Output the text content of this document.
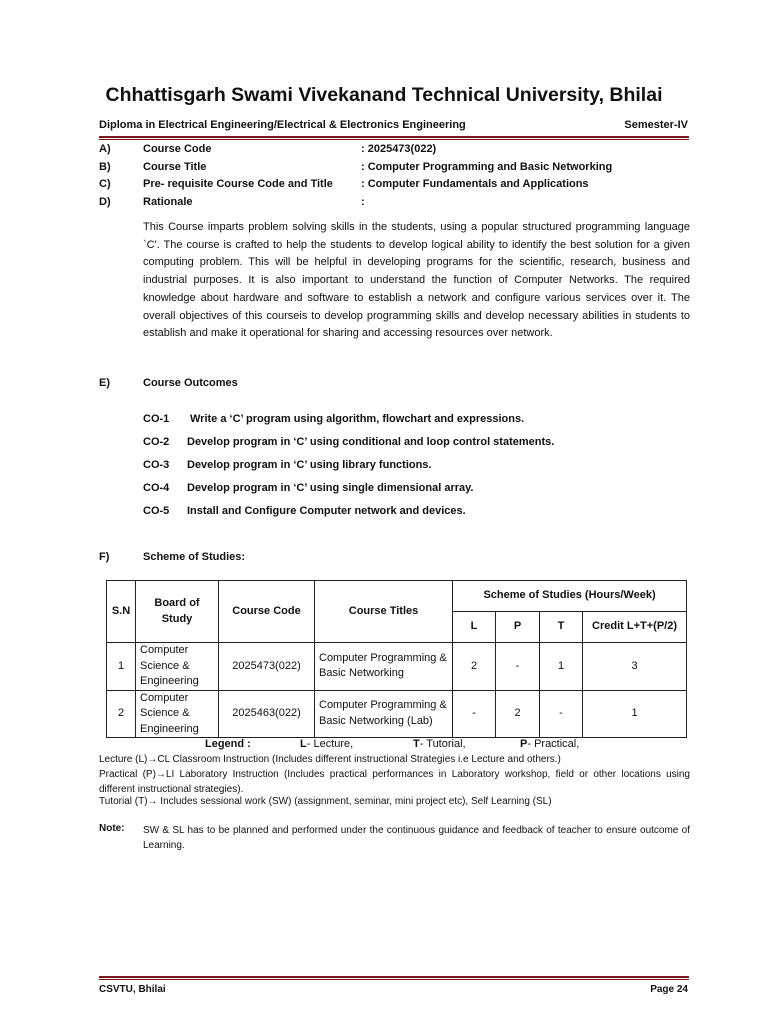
Chhattisgarh Swami Vivekanand Technical University, Bhilai
Diploma in Electrical Engineering/Electrical & Electronics Engineering	Semester-IV
A)	Course Code	: 2025473(022)
B)	Course Title	: Computer Programming and Basic Networking
C)	Pre- requisite Course Code and Title	: Computer Fundamentals and Applications
D)	Rationale	:
This Course imparts problem solving skills in the students, using a popular structured programming language `C'. The course is crafted to help the students to develop logical ability to identify the best solution for a given computing problem. This will be helpful in developing programs for the scientific, research, business and industrial purposes. It is also important to understand the function of Computer Networks. The required knowledge about hardware and software to establish a network and configure various services over it. The overall objectives of this courseis to develop programming skills and develop necessary abilities in students to establish and make it operational for sharing and accessing resources over network.
E)	Course Outcomes
CO-1 Write a ‘C’ program using algorithm, flowchart and expressions.
CO-2 Develop program in ‘C’ using conditional and loop control statements.
CO-3 Develop program in ‘C’ using library functions.
CO-4 Develop program in ‘C’ using single dimensional array.
CO-5 Install and Configure Computer network and devices.
F)	Scheme of Studies:
S.N	Board of Study	Course Code	Course Titles	Scheme of Studies (Hours/Week)			
				L	P	T	Credit L+T+(P/2)
1	Computer Science & Engineering	2025473(022)	Computer Programming & Basic Networking	2	-	1	3
2	Computer Science & Engineering	2025463(022)	Computer Programming & Basic Networking (Lab)	-	2	-	1
Legend :	L- Lecture,	T- Tutorial,	P- Practical,
Lecture (L)→CL Classroom Instruction (Includes different instructional Strategies i.e Lecture and others.)
Practical (P)→LI Laboratory Instruction (Includes practical performances in Laboratory workshop, field or other locations using different instructional strategies).
Tutorial (T)→ Includes sessional work (SW) (assignment, seminar, mini project etc), Self Learning (SL)
Note: SW & SL has to be planned and performed under the continuous guidance and feedback of teacher to ensure outcome of Learning.
CSVTU, Bhilai	Page 24
